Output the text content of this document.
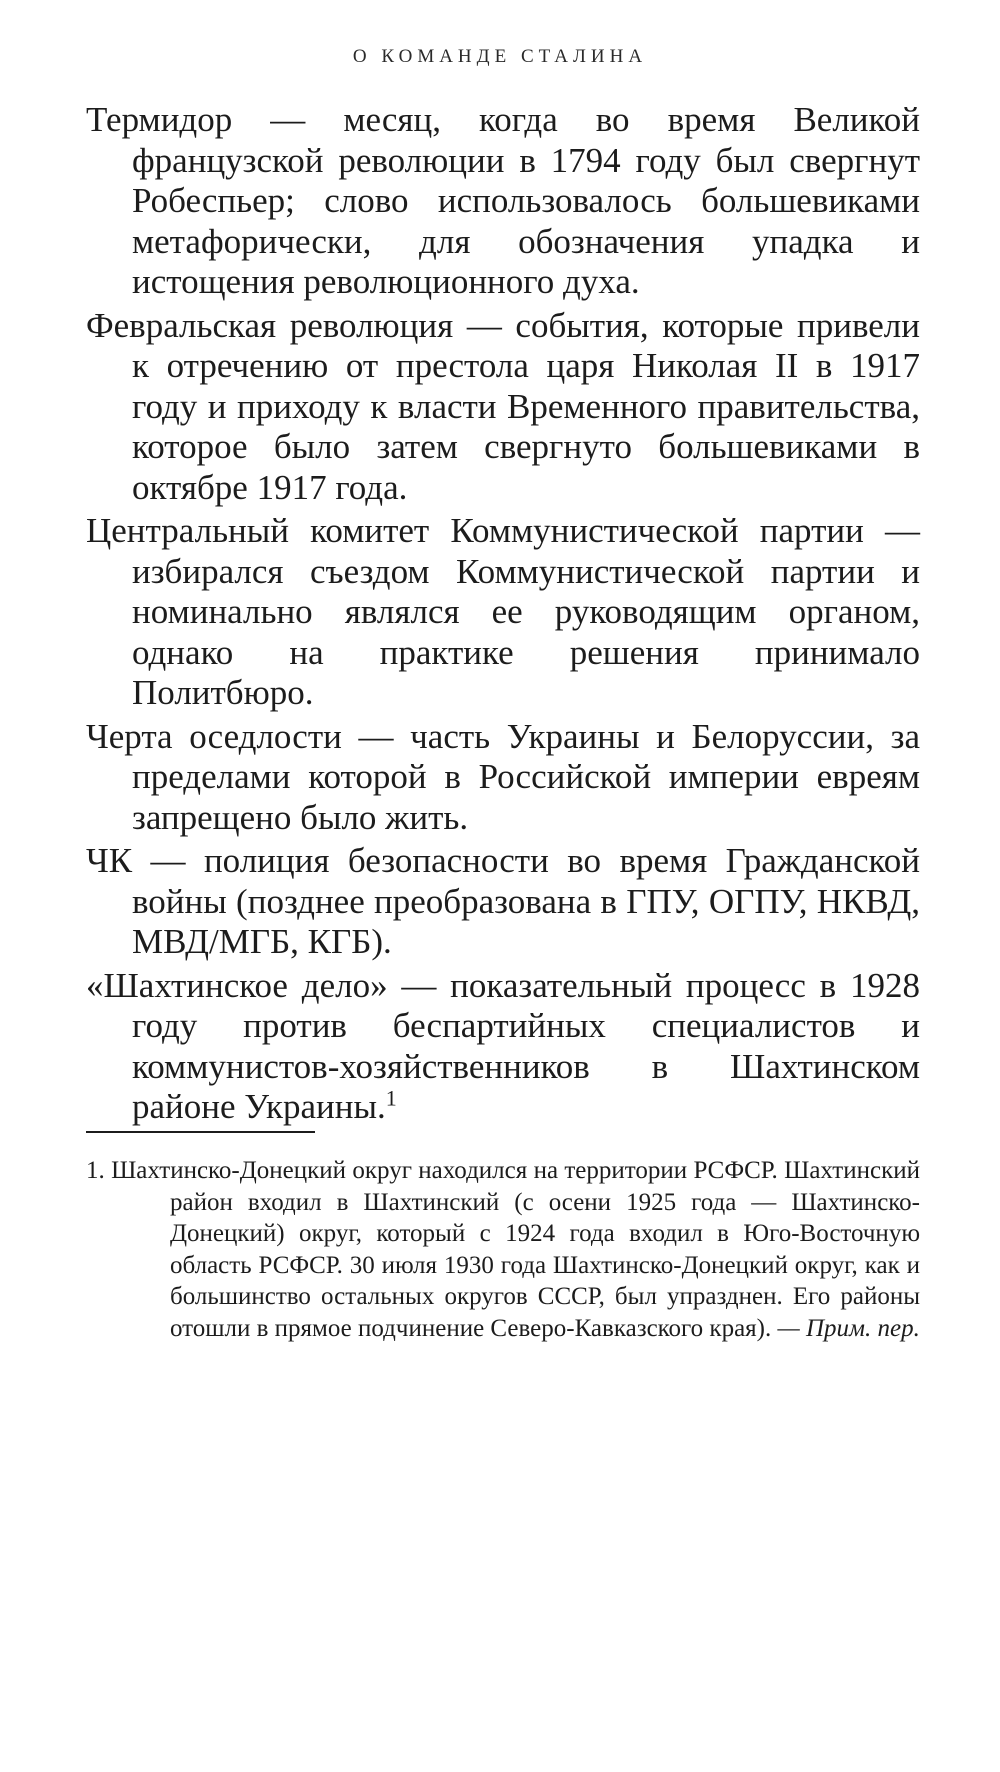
О КОМАНДЕ СТАЛИНА
Термидор — месяц, когда во время Великой французской революции в 1794 году был свергнут Робеспьер; слово использовалось большевиками метафорически, для обозначения упадка и истощения революционного духа.
Февральская революция — события, которые привели к отречению от престола царя Николая II в 1917 году и приходу к власти Временного правительства, которое было затем свергнуто большевиками в октябре 1917 года.
Центральный комитет Коммунистической партии — избирался съездом Коммунистической партии и номинально являлся ее руководящим органом, однако на практике решения принимало Политбюро.
Черта оседлости — часть Украины и Белоруссии, за пределами которой в Российской империи евреям запрещено было жить.
ЧК — полиция безопасности во время Гражданской войны (позднее преобразована в ГПУ, ОГПУ, НКВД, МВД/МГБ, КГБ).
«Шахтинское дело» — показательный процесс в 1928 году против беспартийных специалистов и коммунистов-хозяйственников в Шахтинском районе Украины.$^1$
1. Шахтинско-Донецкий округ находился на территории РСФСР. Шахтинский район входил в Шахтинский (с осени 1925 года — Шахтинско-Донецкий) округ, который с 1924 года входил в Юго-Восточную область РСФСР. 30 июля 1930 года Шахтинско-Донецкий округ, как и большинство остальных округов СССР, был упразднен. Его районы отошли в прямое подчинение Северо-Кавказского края). — Прим. пер.
